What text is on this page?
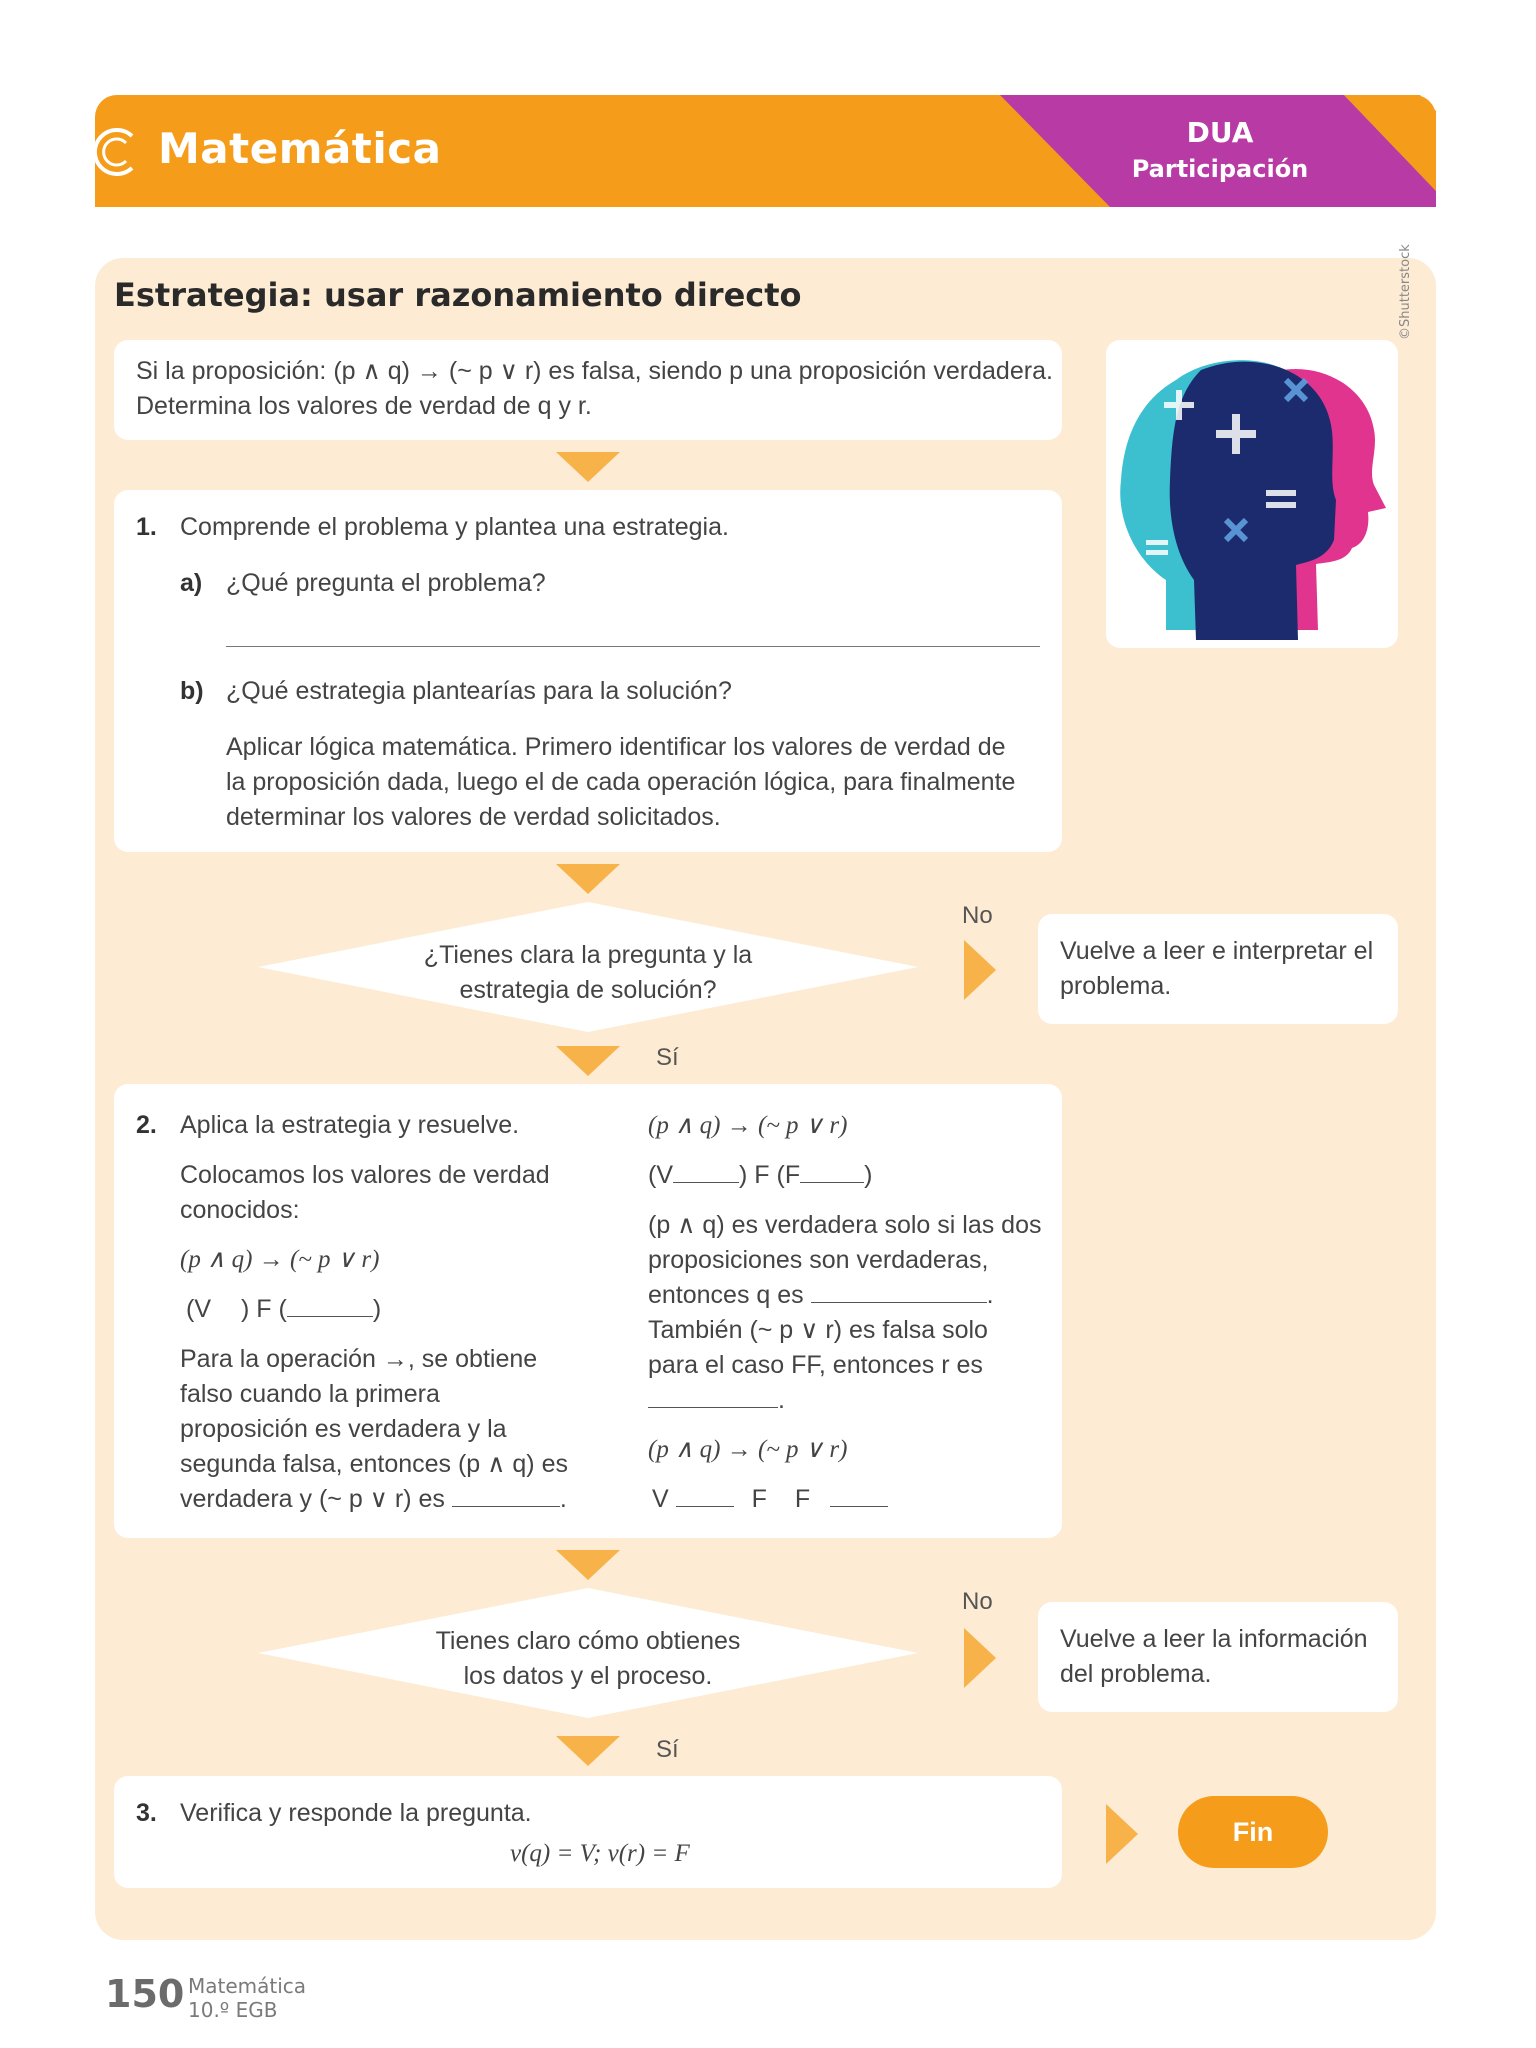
Matemática	DUA
Participación
Estrategia: usar razonamiento directo
Si la proposición: (p ∧ q) → (~ p ∨ r) es falsa, siendo p una proposición verdadera.
Determina los valores de verdad de q y r.
©Shutterstock
1. Comprende el problema y plantea una estrategia.
a) ¿Qué pregunta el problema?
b) ¿Qué estrategia plantearías para la solución?
Aplicar lógica matemática. Primero identificar los valores de verdad de
la proposición dada, luego el de cada operación lógica, para finalmente
determinar los valores de verdad solicitados.
¿Tienes clara la pregunta y la
estrategia de solución?
No
Vuelve a leer e interpretar el
problema.
Sí
2. Aplica la estrategia y resuelve.
Colocamos los valores de verdad
conocidos:
(p ∧ q) → (~ p ∨ r)
(V ) F (	)
Para la operación →, se obtiene
falso cuando la primera
proposición es verdadera y la
segunda falsa, entonces (p ∧ q) es
verdadera y (~ p ∨ r) es	.
(p ∧ q) → (~ p ∨ r)
(V	) F (F	)
(p ∧ q) es verdadera solo si las dos
proposiciones son verdaderas,
entonces q es	.
También (~ p ∨ r) es falsa solo
para el caso FF, entonces r es
.
(p ∧ q) → (~ p ∨ r)
V	F F
Tienes claro cómo obtienes
los datos y el proceso.
No
Vuelve a leer la información
del problema.
Sí
3. Verifica y responde la pregunta.
v(q) = V; v(r) = F
Fin
150 Matemática
10.º EGB
